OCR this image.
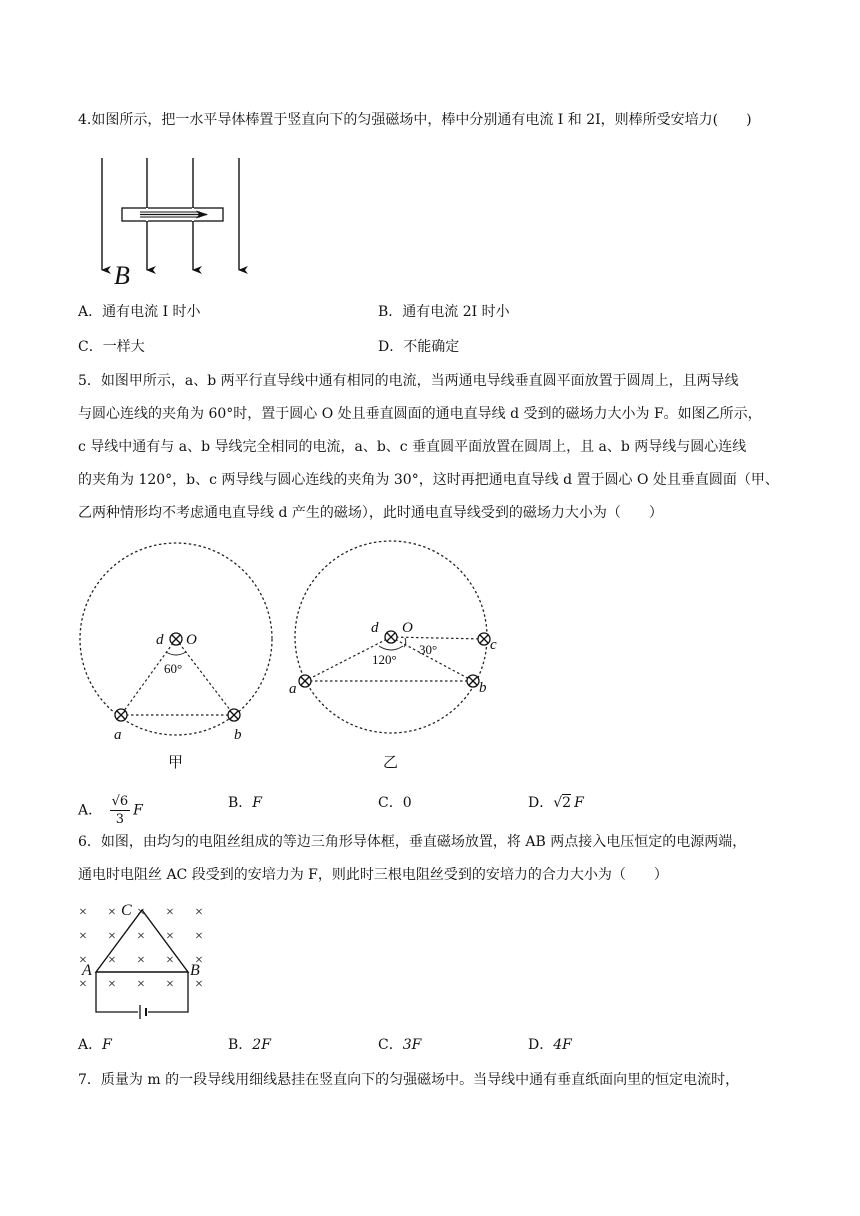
4.如图所示，把一水平导体棒置于竖直向下的匀强磁场中，棒中分别通有电流 I 和 2I，则棒所受安培力(　　)
B
A．通有电流 I 时小	B．通有电流 2I 时小
C．一样大	D．不能确定
5．如图甲所示，a、b 两平行直导线中通有相同的电流，当两通电导线垂直圆平面放置于圆周上，且两导线
与圆心连线的夹角为 60°时，置于圆心 O 处且垂直圆面的通电直导线 d 受到的磁场力大小为 F。如图乙所示，
c 导线中通有与 a、b 导线完全相同的电流，a、b、c 垂直圆平面放置在圆周上，且 a、b 两导线与圆心连线
的夹角为 120°，b、c 两导线与圆心连线的夹角为 30°，这时再把通电直导线 d 置于圆心 O 处且垂直圆面（甲、
乙两种情形均不考虑通电直导线 d 产生的磁场），此时通电直导线受到的磁场力大小为（　　）
d O
a	b
60°
甲
d O
a	b
c
120°
30°
乙
A． $\frac{√6}{3}$ F	B．F	C．0	D．√2 F
6．如图，由均匀的电阻丝组成的等边三角形导体框，垂直磁场放置，将 AB 两点接入电压恒定的电源两端，
通电时电阻丝 AC 段受到的安培力为 F，则此时三根电阻丝受到的安培力的合力大小为（　　）
× × × × ×
× × × × ×
× × × × ×
× × × × ×
C
A	B
A．F	B．2F	C．3F	D．4F
7．质量为 m 的一段导线用细线悬挂在竖直向下的匀强磁场中。当导线中通有垂直纸面向里的恒定电流时，
